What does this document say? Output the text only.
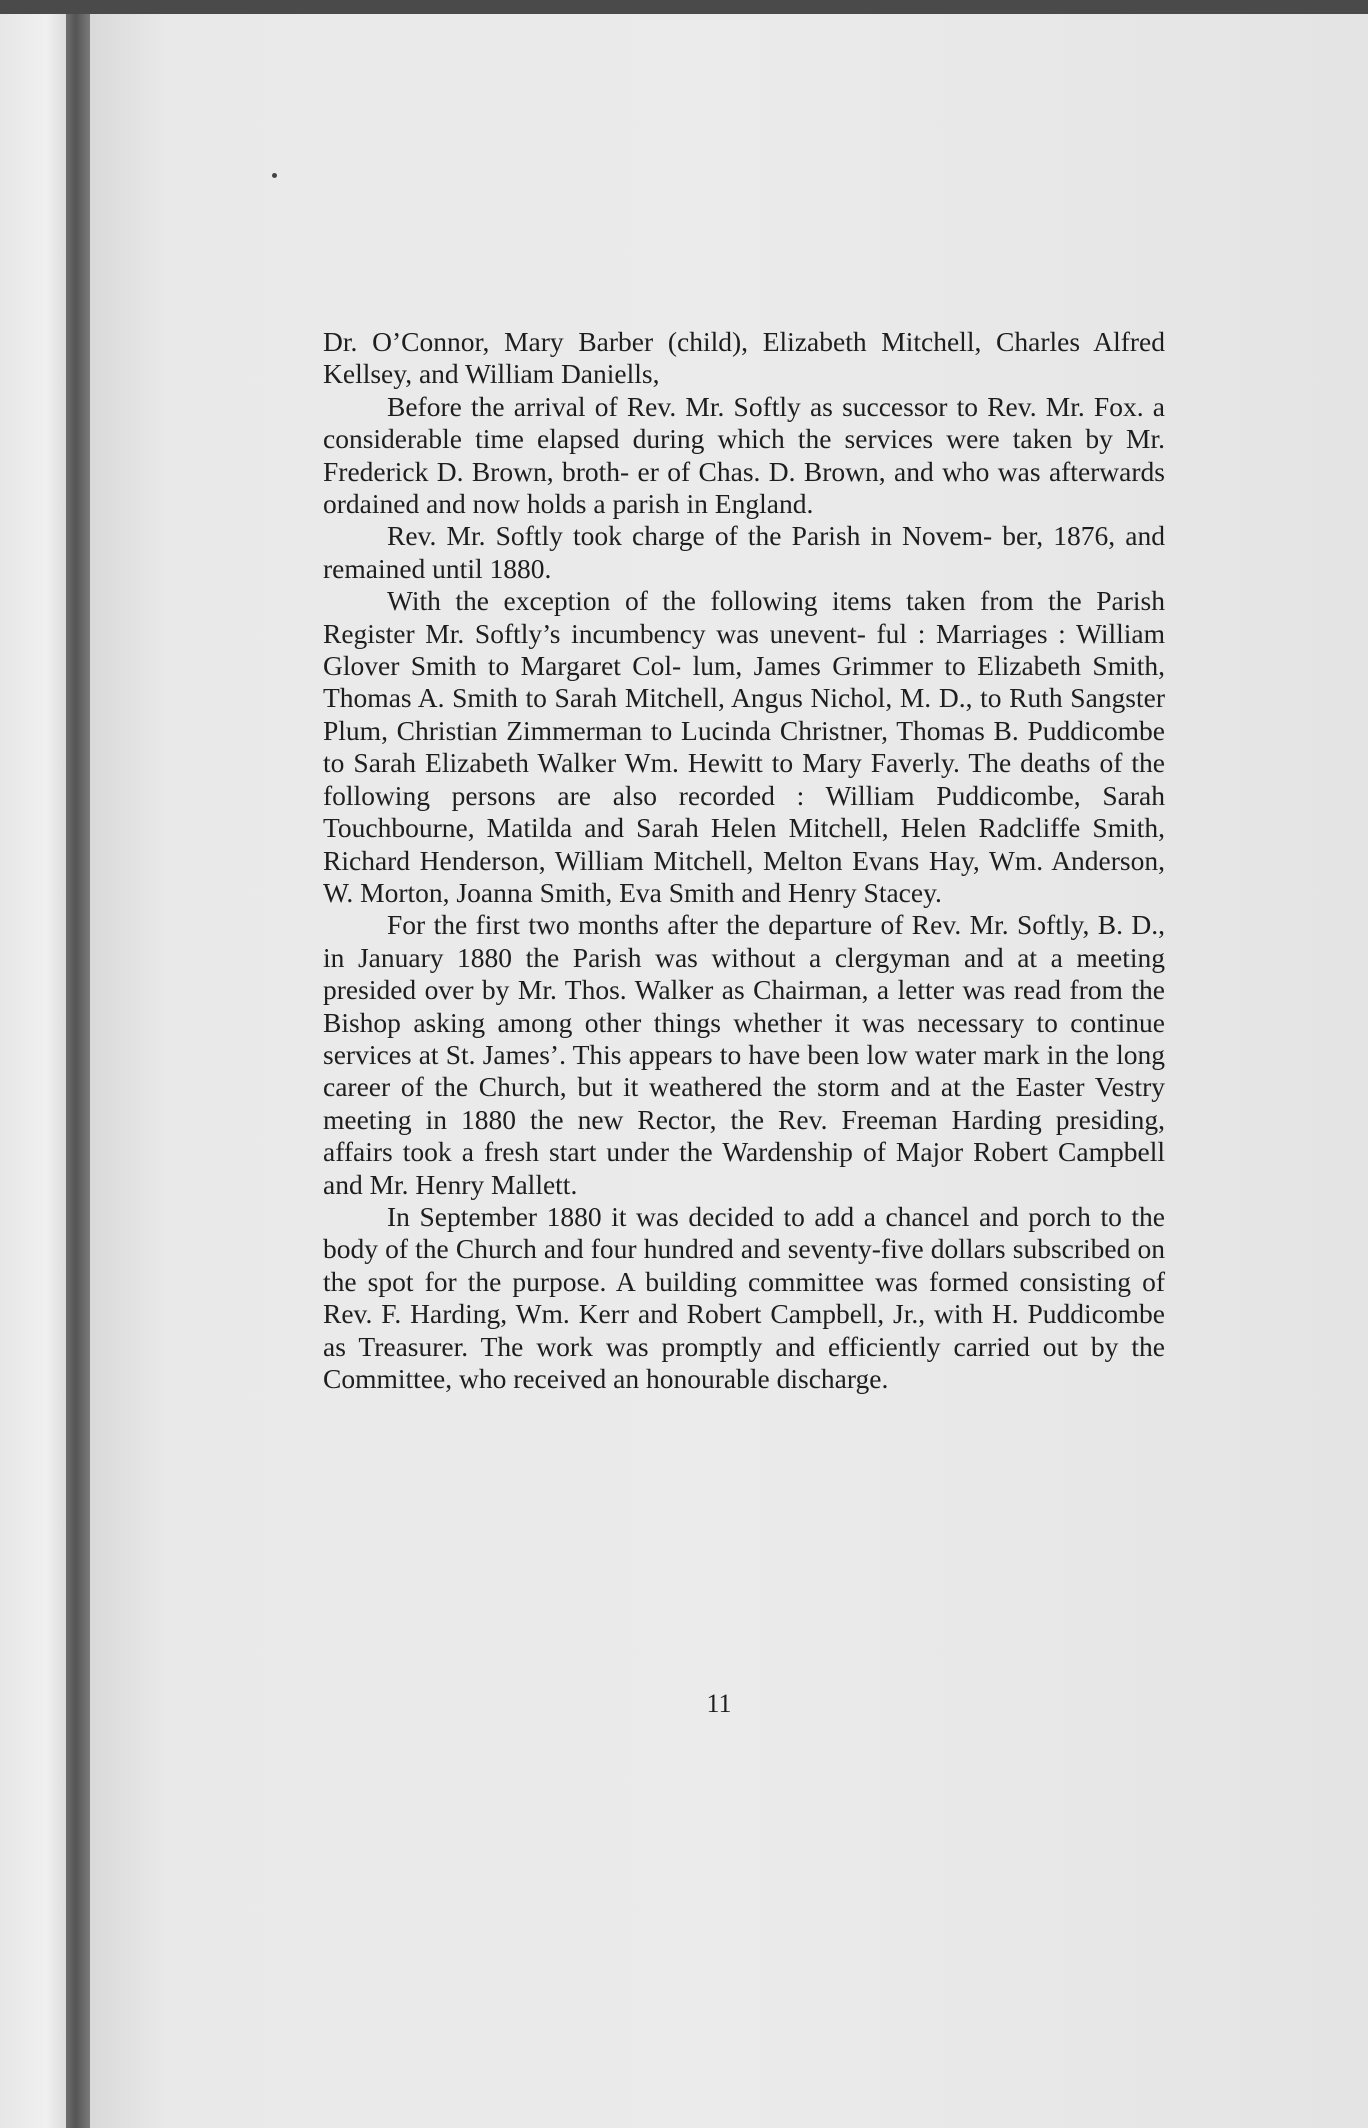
Dr. O’Connor, Mary Barber (child), Elizabeth Mitchell, Charles Alfred Kellsey, and William Daniells,

Before the arrival of Rev. Mr. Softly as successor to Rev. Mr. Fox. a considerable time elapsed during which the services were taken by Mr. Frederick D. Brown, broth- er of Chas. D. Brown, and who was afterwards ordained and now holds a parish in England.

Rev. Mr. Softly took charge of the Parish in Novem- ber, 1876, and remained until 1880.

With the exception of the following items taken from the Parish Register Mr. Softly’s incumbency was unevent- ful : Marriages : William Glover Smith to Margaret Col- lum, James Grimmer to Elizabeth Smith, Thomas A. Smith to Sarah Mitchell, Angus Nichol, M. D., to Ruth Sangster Plum, Christian Zimmerman to Lucinda Christner, Thomas B. Puddicombe to Sarah Elizabeth Walker Wm. Hewitt to Mary Faverly. The deaths of the following persons are also recorded : William Puddicombe, Sarah Touchbourne, Matilda and Sarah Helen Mitchell, Helen Radcliffe Smith, Richard Henderson, William Mitchell, Melton Evans Hay, Wm. Anderson, W. Morton, Joanna Smith, Eva Smith and Henry Stacey.

For the first two months after the departure of Rev. Mr. Softly, B. D., in January 1880 the Parish was without a clergyman and at a meeting presided over by Mr. Thos. Walker as Chairman, a letter was read from the Bishop asking among other things whether it was necessary to continue services at St. James’. This appears to have been low water mark in the long career of the Church, but it weathered the storm and at the Easter Vestry meeting in 1880 the new Rector, the Rev. Freeman Harding presiding, affairs took a fresh start under the Wardenship of Major Robert Campbell and Mr. Henry Mallett.

In September 1880 it was decided to add a chancel and porch to the body of the Church and four hundred and seventy-five dollars subscribed on the spot for the purpose. A building committee was formed consisting of Rev. F. Harding, Wm. Kerr and Robert Campbell, Jr., with H. Puddicombe as Treasurer. The work was promptly and efficiently carried out by the Committee, who received an honourable discharge.

11
